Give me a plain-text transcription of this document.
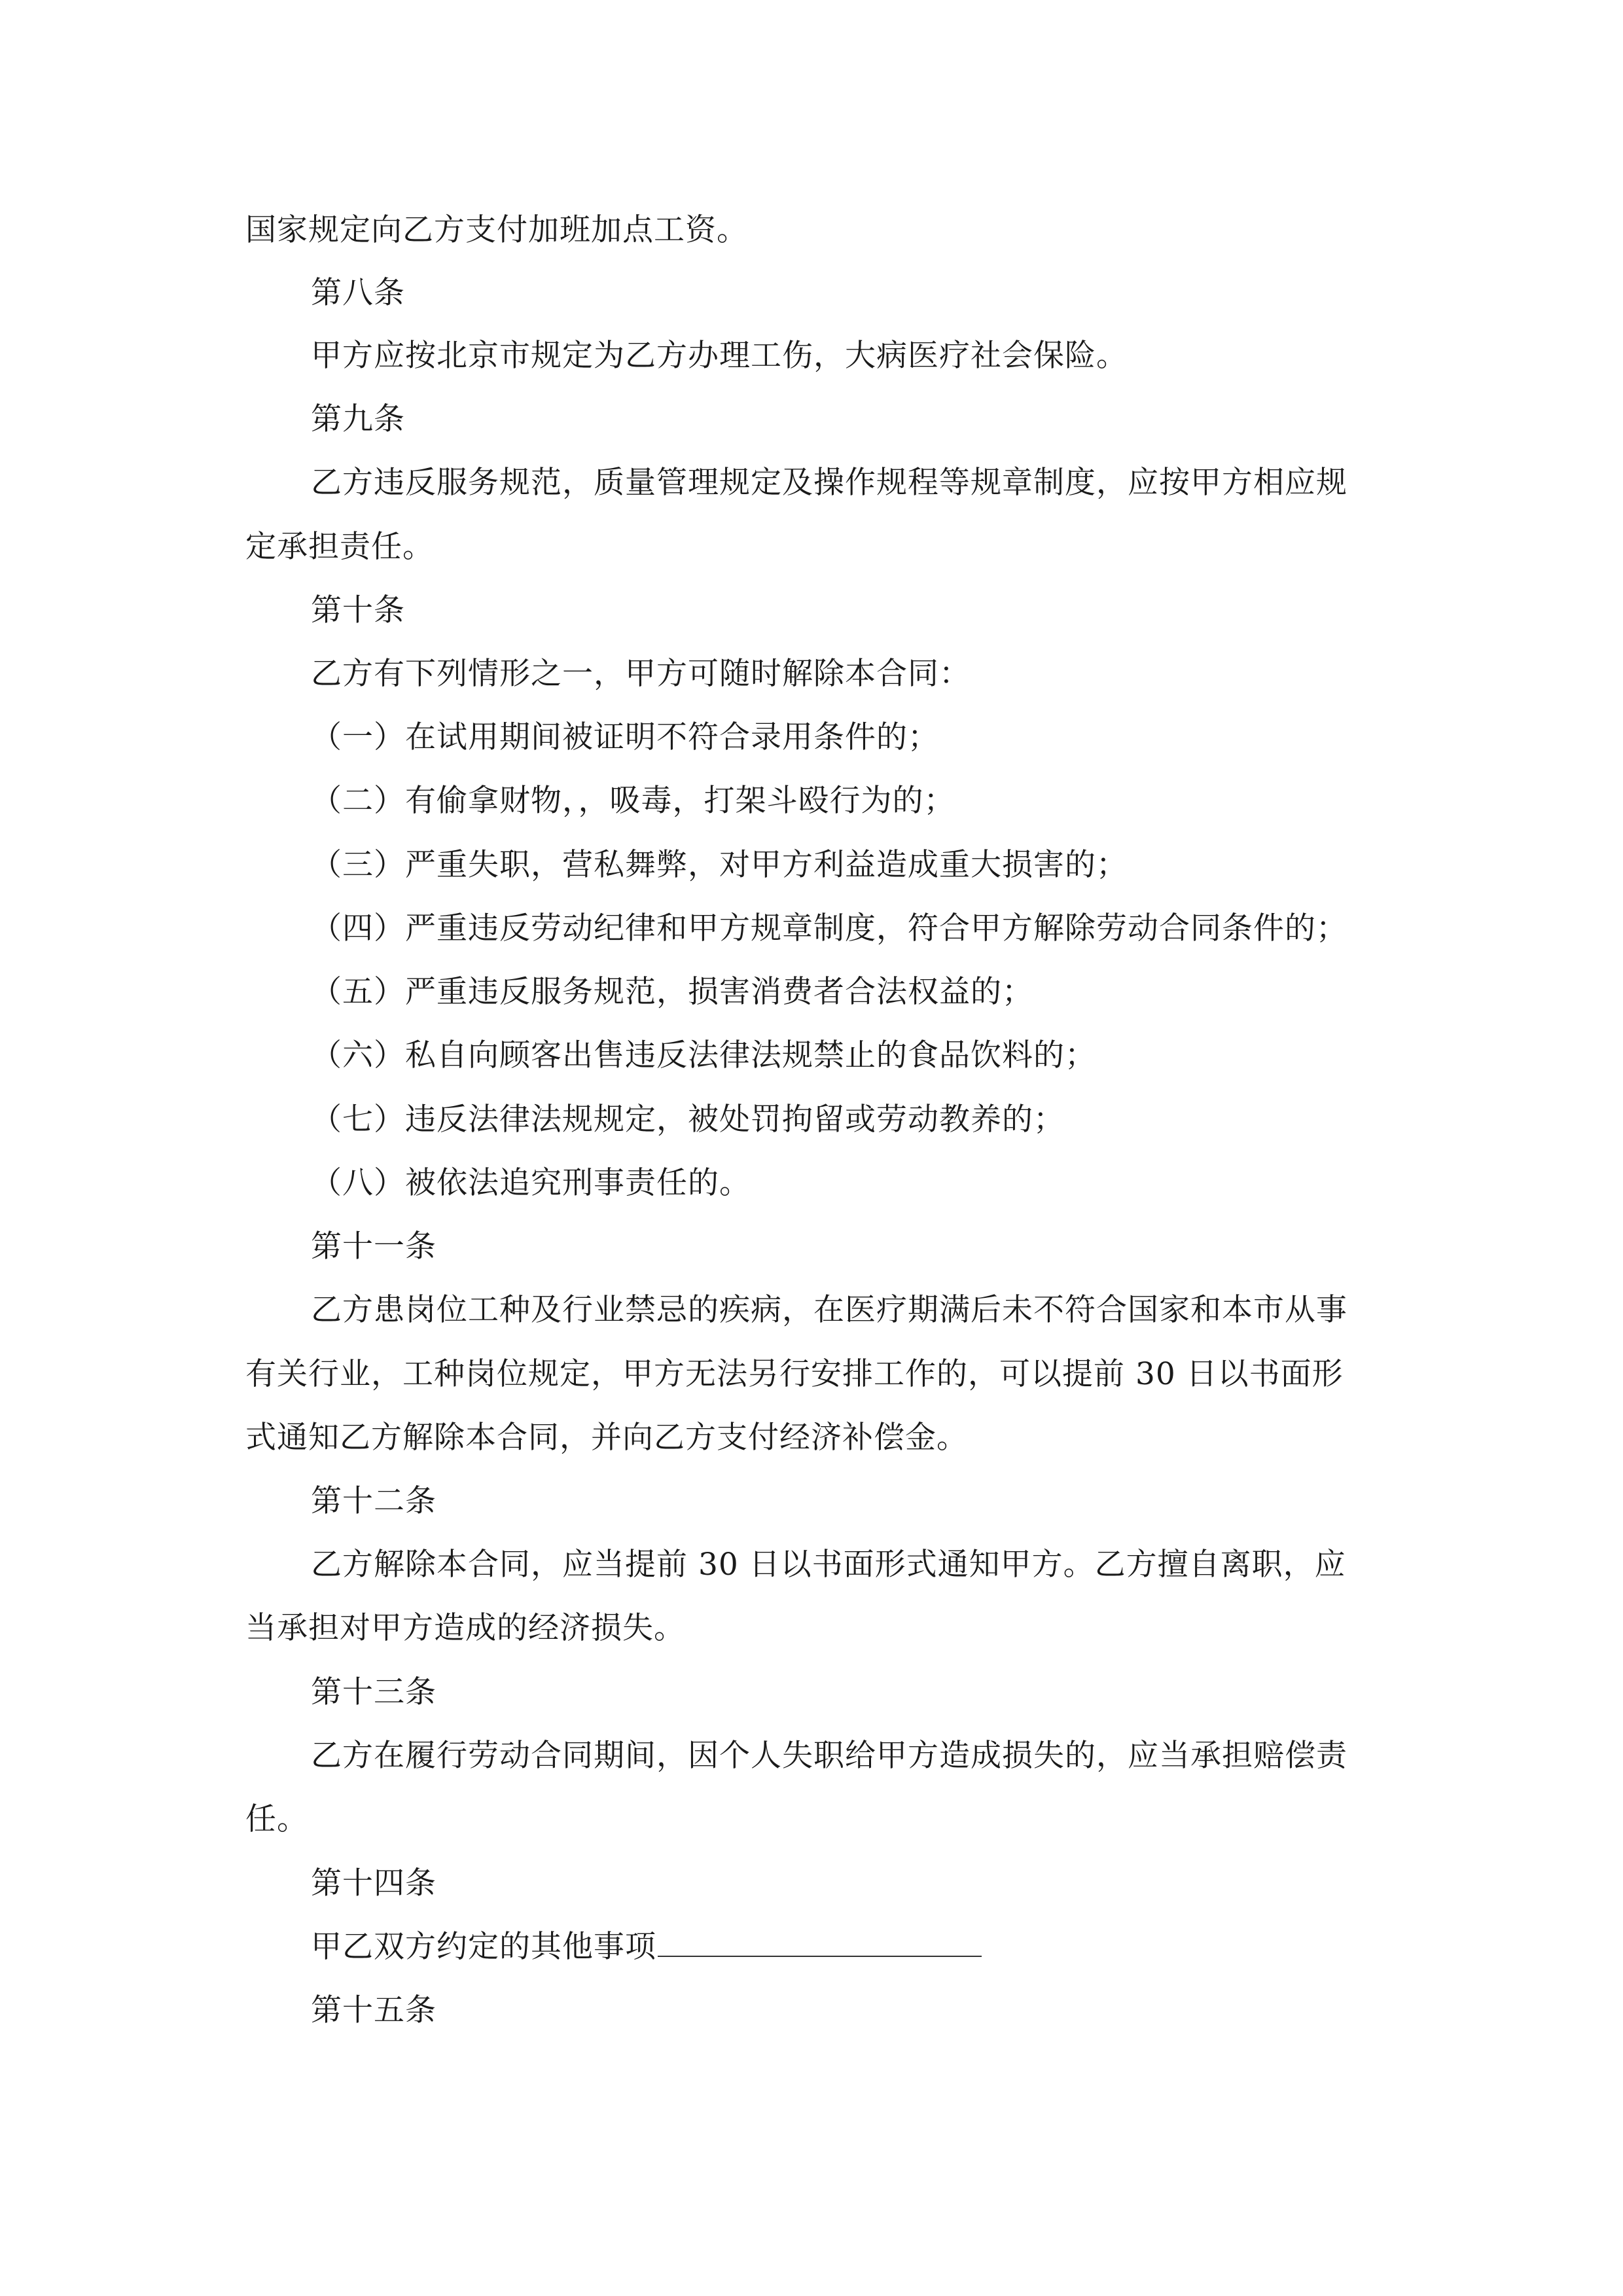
国家规定向乙方支付加班加点工资。
第八条
甲方应按北京市规定为乙方办理工伤，大病医疗社会保险。
第九条
乙方违反服务规范，质量管理规定及操作规程等规章制度，应按甲方相应规
定承担责任。
第十条
乙方有下列情形之一，甲方可随时解除本合同：
（一）在试用期间被证明不符合录用条件的；
（二）有偷拿财物，，吸毒，打架斗殴行为的；
（三）严重失职，营私舞弊，对甲方利益造成重大损害的；
（四）严重违反劳动纪律和甲方规章制度，符合甲方解除劳动合同条件的；
（五）严重违反服务规范，损害消费者合法权益的；
（六）私自向顾客出售违反法律法规禁止的食品饮料的；
（七）违反法律法规规定，被处罚拘留或劳动教养的；
（八）被依法追究刑事责任的。
第十一条
乙方患岗位工种及行业禁忌的疾病，在医疗期满后未不符合国家和本市从事
有关行业，工种岗位规定，甲方无法另行安排工作的，可以提前 30 日以书面形
式通知乙方解除本合同，并向乙方支付经济补偿金。
第十二条
乙方解除本合同，应当提前 30 日以书面形式通知甲方。乙方擅自离职，应
当承担对甲方造成的经济损失。
第十三条
乙方在履行劳动合同期间，因个人失职给甲方造成损失的，应当承担赔偿责
任。
第十四条
甲乙双方约定的其他事项
第十五条
